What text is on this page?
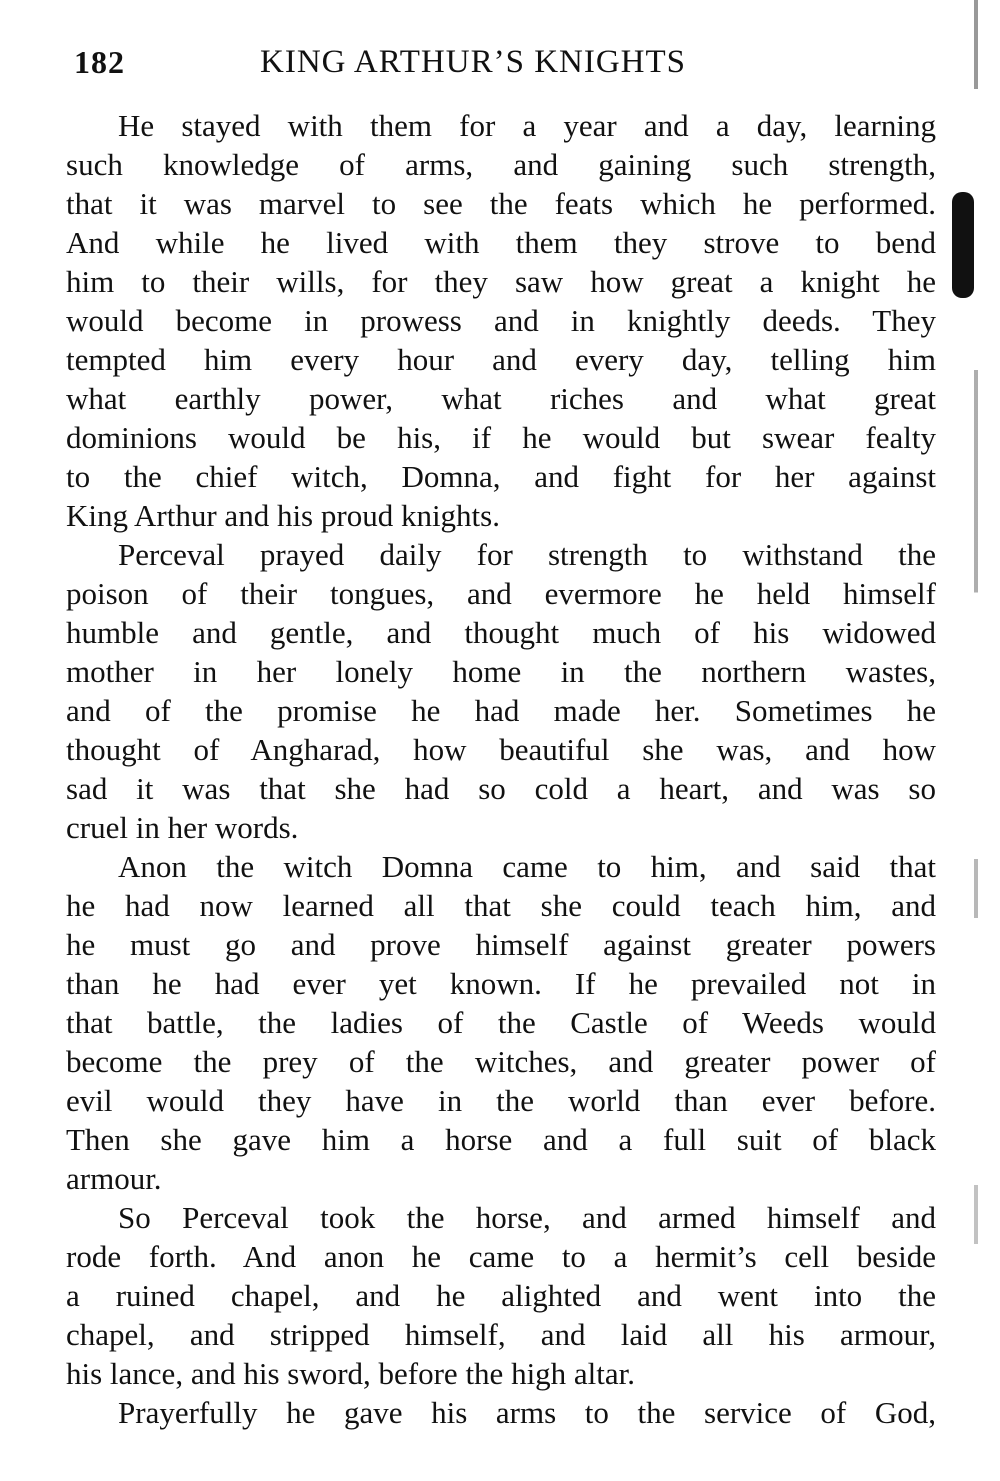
182	KING ARTHUR’S KNIGHTS
He stayed with them for a year and a day, learning
such knowledge of arms, and gaining such strength,
that it was marvel to see the feats which he performed.
And while he lived with them they strove to bend
him to their wills, for they saw how great a knight he
would become in prowess and in knightly deeds. They
tempted him every hour and every day, telling him
what earthly power, what riches and what great
dominions would be his, if he would but swear fealty
to the chief witch, Domna, and fight for her against
King Arthur and his proud knights.
Perceval prayed daily for strength to withstand the
poison of their tongues, and evermore he held himself
humble and gentle, and thought much of his widowed
mother in her lonely home in the northern wastes,
and of the promise he had made her. Sometimes he
thought of Angharad, how beautiful she was, and how
sad it was that she had so cold a heart, and was so
cruel in her words.
Anon the witch Domna came to him, and said that
he had now learned all that she could teach him, and
he must go and prove himself against greater powers
than he had ever yet known. If he prevailed not in
that battle, the ladies of the Castle of Weeds would
become the prey of the witches, and greater power of
evil would they have in the world than ever before.
Then she gave him a horse and a full suit of black
armour.
So Perceval took the horse, and armed himself and
rode forth. And anon he came to a hermit’s cell beside
a ruined chapel, and he alighted and went into the
chapel, and stripped himself, and laid all his armour,
his lance, and his sword, before the high altar.
Prayerfully he gave his arms to the service of God,
